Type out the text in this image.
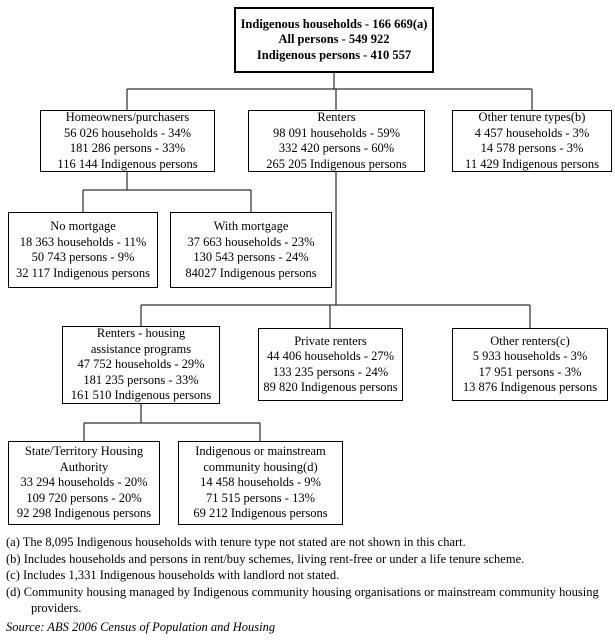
Indigenous households - 166 669(a)
All persons - 549 922
Indigenous persons - 410 557
Homeowners/purchasers
56 026 households - 34%
181 286 persons - 33%
116 144 Indigenous persons
Renters
98 091 households - 59%
332 420 persons - 60%
265 205 Indigenous persons
Other tenure types(b)
4 457 households - 3%
14 578 persons - 3%
11 429 Indigenous persons
No mortgage
18 363 households - 11%
50 743 persons - 9%
32 117 Indigenous persons
With mortgage
37 663 households - 23%
130 543 persons - 24%
84027 Indigenous persons
Renters - housing
assistance programs
47 752 households - 29%
181 235 persons - 33%
161 510 Indigenous persons
Private renters
44 406 households - 27%
133 235 persons - 24%
89 820 Indigenous persons
Other renters(c)
5 933 households - 3%
17 951 persons - 3%
13 876 Indigenous persons
State/Territory Housing
Authority
33 294 households - 20%
109 720 persons - 20%
92 298 Indigenous persons
Indigenous or mainstream
community housing(d)
14 458 households - 9%
71 515 persons - 13%
69 212 Indigenous persons
(a) The 8,095 Indigenous households with tenure type not stated are not shown in this chart.
(b) Includes households and persons in rent/buy schemes, living rent-free or under a life tenure scheme.
(c) Includes 1,331 Indigenous households with landlord not stated.
(d) Community housing managed by Indigenous community housing organisations or mainstream community housing providers.
Source: ABS 2006 Census of Population and Housing
